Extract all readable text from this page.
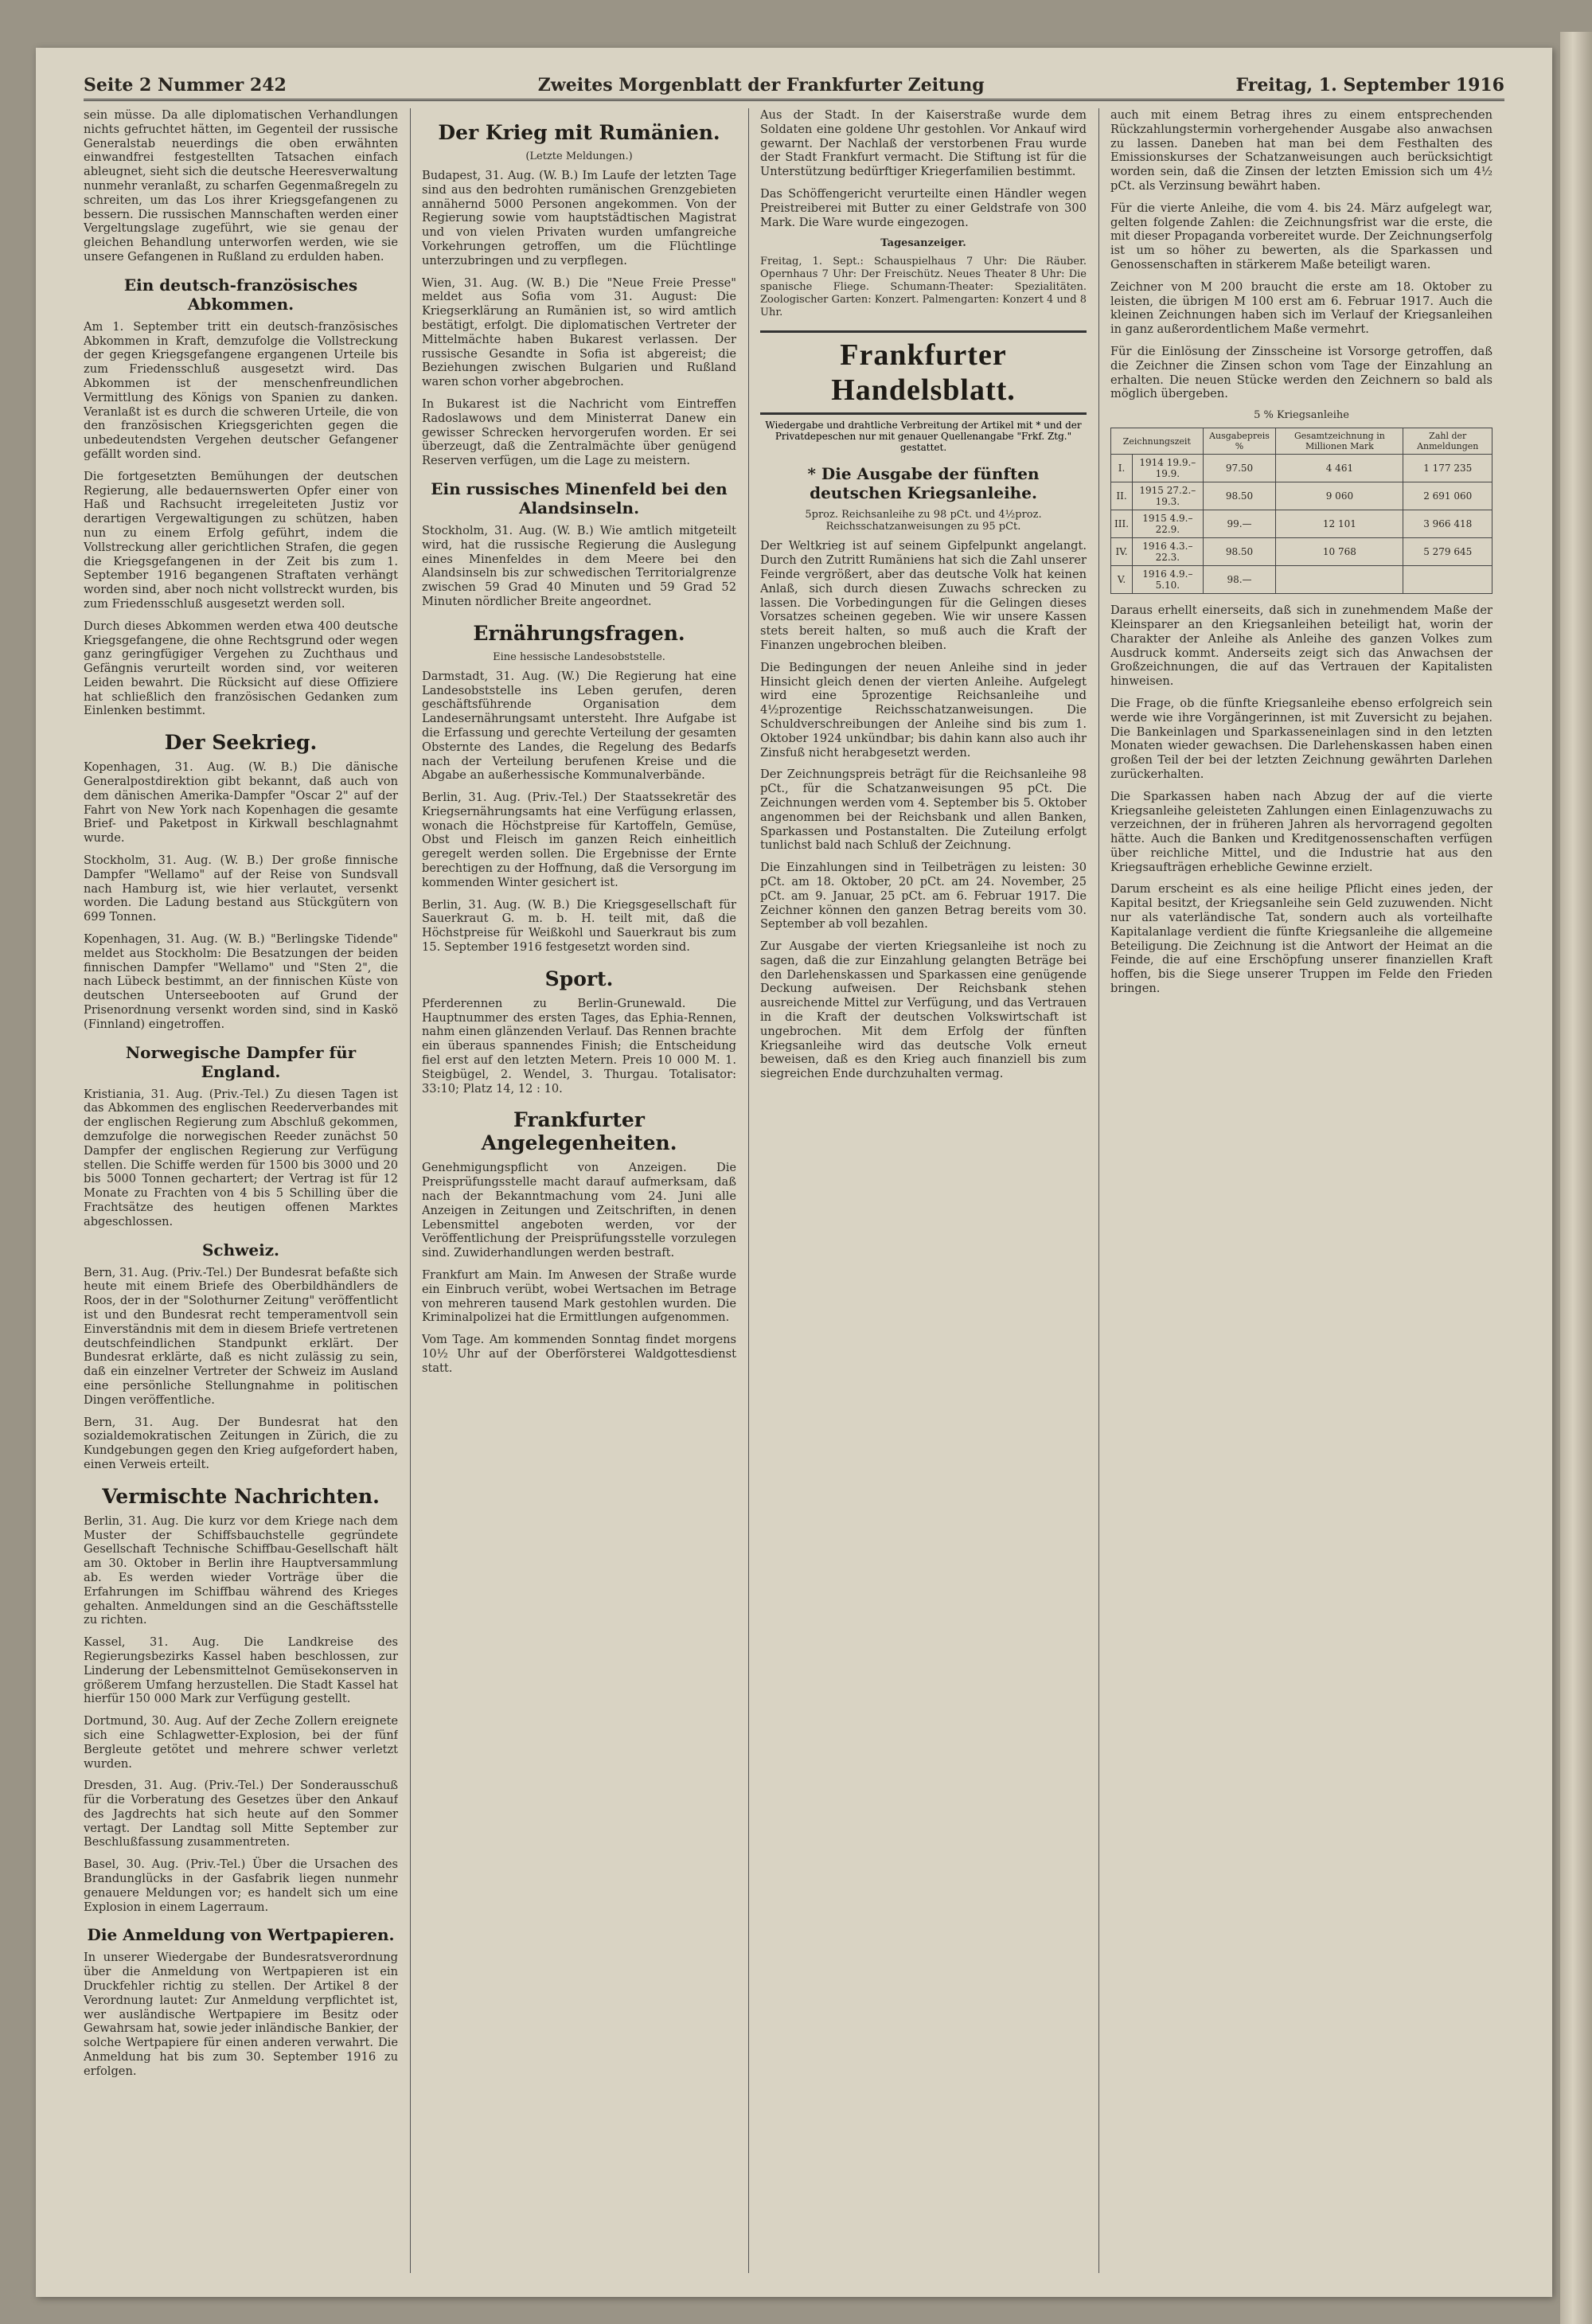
Seite 2 Nummer 242	Zweites Morgenblatt der Frankfurter Zeitung	Freitag, 1. September 1916

sein müsse. Da alle diplomatischen Verhandlungen nichts gefruchtet hätten, im Gegenteil der russische Generalstab neuerdings die oben erwähnten einwandfrei festgestellten Tatsachen einfach ableugnet, sieht sich die deutsche Heeresverwaltung nunmehr veranlaßt, zu scharfen Gegenmaßregeln zu schreiten, um das Los ihrer Kriegsgefangenen zu bessern. Die russischen Mannschaften werden einer Vergeltungslage zugeführt, wie sie genau der gleichen Behandlung unterworfen werden, wie sie unsere Gefangenen in Rußland zu erdulden haben.

Ein deutsch-französisches Abkommen.

Am 1. September tritt ein deutsch-französisches Abkommen in Kraft, demzufolge die Vollstreckung der gegen Kriegsgefangene ergangenen Urteile bis zum Friedensschluß ausgesetzt wird. Das Abkommen ist der menschenfreundlichen Vermittlung des Königs von Spanien zu danken. Veranlaßt ist es durch die schweren Urteile, die von den französischen Kriegsgerichten gegen die unbedeutendsten Vergehen deutscher Gefangener gefällt worden sind.

Die fortgesetzten Bemühungen der deutschen Regierung, alle bedauernswerten Opfer einer von Haß und Rachsucht irregeleiteten Justiz vor derartigen Vergewaltigungen zu schützen, haben nun zu einem Erfolg geführt, indem die Vollstreckung aller gerichtlichen Strafen, die gegen die Kriegsgefangenen in der Zeit bis zum 1. September 1916 begangenen Straftaten verhängt worden sind, aber noch nicht vollstreckt wurden, bis zum Friedensschluß ausgesetzt werden soll.

Durch dieses Abkommen werden etwa 400 deutsche Kriegsgefangene, die ohne Rechtsgrund oder wegen ganz geringfügiger Vergehen zu Zuchthaus und Gefängnis verurteilt worden sind, vor weiteren Leiden bewahrt. Die Rücksicht auf diese Offiziere hat schließlich den französischen Gedanken zum Einlenken bestimmt.

Der Seekrieg.

Kopenhagen, 31. Aug. (W. B.) Die dänische Generalpostdirektion gibt bekannt, daß auch von dem dänischen Amerika-Dampfer "Oscar 2" auf der Fahrt von New York nach Kopenhagen die gesamte Brief- und Paketpost in Kirkwall beschlagnahmt wurde.

Stockholm, 31. Aug. (W. B.) Der große finnische Dampfer "Wellamo" auf der Reise von Sundsvall nach Hamburg ist, wie hier verlautet, versenkt worden. Die Ladung bestand aus Stückgütern von 699 Tonnen.

Kopenhagen, 31. Aug. (W. B.) "Berlingske Tidende" meldet aus Stockholm: Die Besatzungen der beiden finnischen Dampfer "Wellamo" und "Sten 2", die nach Lübeck bestimmt, an der finnischen Küste von deutschen Unterseebooten auf Grund der Prisenordnung versenkt worden sind, sind in Kaskö (Finnland) eingetroffen.

Norwegische Dampfer für England.

Kristiania, 31. Aug. (Priv.-Tel.) Zu diesen Tagen ist das Abkommen des englischen Reederverbandes mit der englischen Regierung zum Abschluß gekommen, demzufolge die norwegischen Reeder zunächst 50 Dampfer der englischen Regierung zur Verfügung stellen. Die Schiffe werden für 1500 bis 3000 und 20 bis 5000 Tonnen gechartert; der Vertrag ist für 12 Monate zu Frachten von 4 bis 5 Schilling über die Frachtsätze des heutigen offenen Marktes abgeschlossen.

Schweiz.

Bern, 31. Aug. (Priv.-Tel.) Der Bundesrat befaßte sich heute mit einem Briefe des Oberbildhändlers de Roos, der in der "Solothurner Zeitung" veröffentlicht ist und den Bundesrat recht temperamentvoll sein Einverständnis mit dem in diesem Briefe vertretenen deutschfeindlichen Standpunkt erklärt. Der Bundesrat erklärte, daß es nicht zulässig zu sein, daß ein einzelner Vertreter der Schweiz im Ausland eine persönliche Stellungnahme in politischen Dingen veröffentliche.

Bern, 31. Aug. Der Bundesrat hat den sozialdemokratischen Zeitungen in Zürich, die zu Kundgebungen gegen den Krieg aufgefordert haben, einen Verweis erteilt.

Vermischte Nachrichten.

Berlin, 31. Aug. Die kurz vor dem Kriege nach dem Muster der Schiffsbauchstelle gegründete Gesellschaft Technische Schiffbau-Gesellschaft hält am 30. Oktober in Berlin ihre Hauptversammlung ab. Es werden wieder Vorträge über die Erfahrungen im Schiffbau während des Krieges gehalten. Anmeldungen sind an die Geschäftsstelle zu richten.

Kassel, 31. Aug. Die Landkreise des Regierungsbezirks Kassel haben beschlossen, zur Linderung der Lebensmittelnot Gemüsekonserven in größerem Umfang herzustellen. Die Stadt Kassel hat hierfür 150 000 Mark zur Verfügung gestellt.

Dortmund, 30. Aug. Auf der Zeche Zollern ereignete sich eine Schlagwetter-Explosion, bei der fünf Bergleute getötet und mehrere schwer verletzt wurden.

Dresden, 31. Aug. (Priv.-Tel.) Der Sonderausschuß für die Vorberatung des Gesetzes über den Ankauf des Jagdrechts hat sich heute auf den Sommer vertagt. Der Landtag soll Mitte September zur Beschlußfassung zusammentreten.

Basel, 30. Aug. (Priv.-Tel.) Über die Ursachen des Brandunglücks in der Gasfabrik liegen nunmehr genauere Meldungen vor; es handelt sich um eine Explosion in einem Lagerraum.

Die Anmeldung von Wertpapieren.

In unserer Wiedergabe der Bundesratsverordnung über die Anmeldung von Wertpapieren ist ein Druckfehler richtig zu stellen. Der Artikel 8 der Verordnung lautet: Zur Anmeldung verpflichtet ist, wer ausländische Wertpapiere im Besitz oder Gewahrsam hat, sowie jeder inländische Bankier, der solche Wertpapiere für einen anderen verwahrt. Die Anmeldung hat bis zum 30. September 1916 zu erfolgen.

Der Krieg mit Rumänien.
(Letzte Meldungen.)

Budapest, 31. Aug. (W. B.) Im Laufe der letzten Tage sind aus den bedrohten rumänischen Grenzgebieten annähernd 5000 Personen angekommen. Von der Regierung sowie vom hauptstädtischen Magistrat und von vielen Privaten wurden umfangreiche Vorkehrungen getroffen, um die Flüchtlinge unterzubringen und zu verpflegen.

Wien, 31. Aug. (W. B.) Die "Neue Freie Presse" meldet aus Sofia vom 31. August: Die Kriegserklärung an Rumänien ist, so wird amtlich bestätigt, erfolgt. Die diplomatischen Vertreter der Mittelmächte haben Bukarest verlassen. Der russische Gesandte in Sofia ist abgereist; die Beziehungen zwischen Bulgarien und Rußland waren schon vorher abgebrochen.

In Bukarest ist die Nachricht vom Eintreffen Radoslawows und dem Ministerrat Danew ein gewisser Schrecken hervorgerufen worden. Er sei überzeugt, daß die Zentralmächte über genügend Reserven verfügen, um die Lage zu meistern.

Ein russisches Minenfeld bei den Alandsinseln.

Stockholm, 31. Aug. (W. B.) Wie amtlich mitgeteilt wird, hat die russische Regierung die Auslegung eines Minenfeldes in dem Meere bei den Alandsinseln bis zur schwedischen Territorialgrenze zwischen 59 Grad 40 Minuten und 59 Grad 52 Minuten nördlicher Breite angeordnet.

Ernährungsfragen.
Eine hessische Landesobststelle.

Darmstadt, 31. Aug. (W.) Die Regierung hat eine Landesobststelle ins Leben gerufen, deren geschäftsführende Organisation dem Landesernährungsamt untersteht. Ihre Aufgabe ist die Erfassung und gerechte Verteilung der gesamten Obsternte des Landes, die Regelung des Bedarfs nach der Verteilung berufenen Kreise und die Abgabe an außerhessische Kommunalverbände.

Berlin, 31. Aug. (Priv.-Tel.) Der Staatssekretär des Kriegsernährungsamts hat eine Verfügung erlassen, wonach die Höchstpreise für Kartoffeln, Gemüse, Obst und Fleisch im ganzen Reich einheitlich geregelt werden sollen. Die Ergebnisse der Ernte berechtigen zu der Hoffnung, daß die Versorgung im kommenden Winter gesichert ist.

Berlin, 31. Aug. (W. B.) Die Kriegsgesellschaft für Sauerkraut G. m. b. H. teilt mit, daß die Höchstpreise für Weißkohl und Sauerkraut bis zum 15. September 1916 festgesetzt worden sind.

Sport.

Pferderennen zu Berlin-Grunewald. Die Hauptnummer des ersten Tages, das Ephia-Rennen, nahm einen glänzenden Verlauf. Das Rennen brachte ein überaus spannendes Finish; die Entscheidung fiel erst auf den letzten Metern. Preis 10 000 M. 1. Steigbügel, 2. Wendel, 3. Thurgau. Totalisator: 33:10; Platz 14, 12 : 10.

Frankfurter Angelegenheiten.

Genehmigungspflicht von Anzeigen. Die Preisprüfungsstelle macht darauf aufmerksam, daß nach der Bekanntmachung vom 24. Juni alle Anzeigen in Zeitungen und Zeitschriften, in denen Lebensmittel angeboten werden, vor der Veröffentlichung der Preisprüfungsstelle vorzulegen sind. Zuwiderhandlungen werden bestraft.

Frankfurt am Main. Im Anwesen der Straße wurde ein Einbruch verübt, wobei Wertsachen im Betrage von mehreren tausend Mark gestohlen wurden. Die Kriminalpolizei hat die Ermittlungen aufgenommen.

Vom Tage. Am kommenden Sonntag findet morgens 10½ Uhr auf der Oberförsterei Waldgottesdienst statt.

Aus der Stadt. In der Kaiserstraße wurde dem Soldaten eine goldene Uhr gestohlen. Vor Ankauf wird gewarnt. Der Nachlaß der verstorbenen Frau wurde der Stadt Frankfurt vermacht. Die Stiftung ist für die Unterstützung bedürftiger Kriegerfamilien bestimmt.

Das Schöffengericht verurteilte einen Händler wegen Preistreiberei mit Butter zu einer Geldstrafe von 300 Mark. Die Ware wurde eingezogen.

Tagesanzeiger.

Freitag, 1. Sept.: Schauspielhaus 7 Uhr: Die Räuber. Opernhaus 7 Uhr: Der Freischütz. Neues Theater 8 Uhr: Die spanische Fliege. Schumann-Theater: Spezialitäten. Zoologischer Garten: Konzert. Palmengarten: Konzert 4 und 8 Uhr.

Frankfurter Handelsblatt.
Wiedergabe und drahtliche Verbreitung der Artikel mit * und der Privatdepeschen nur mit genauer Quellenangabe "Frkf. Ztg." gestattet.
* Die Ausgabe der fünften deutschen Kriegsanleihe.
5proz. Reichsanleihe zu 98 pCt. und 4½proz. Reichsschatzanweisungen zu 95 pCt.

Der Weltkrieg ist auf seinem Gipfelpunkt angelangt. Durch den Zutritt Rumäniens hat sich die Zahl unserer Feinde vergrößert, aber das deutsche Volk hat keinen Anlaß, sich durch diesen Zuwachs schrecken zu lassen. Die Vorbedingungen für die Gelingen dieses Vorsatzes scheinen gegeben. Wie wir unsere Kassen stets bereit halten, so muß auch die Kraft der Finanzen ungebrochen bleiben.

Die Bedingungen der neuen Anleihe sind in jeder Hinsicht gleich denen der vierten Anleihe. Aufgelegt wird eine 5prozentige Reichsanleihe und 4½prozentige Reichsschatzanweisungen. Die Schuldverschreibungen der Anleihe sind bis zum 1. Oktober 1924 unkündbar; bis dahin kann also auch ihr Zinsfuß nicht herabgesetzt werden.

Der Zeichnungspreis beträgt für die Reichsanleihe 98 pCt., für die Schatzanweisungen 95 pCt. Die Zeichnungen werden vom 4. September bis 5. Oktober angenommen bei der Reichsbank und allen Banken, Sparkassen und Postanstalten. Die Zuteilung erfolgt tunlichst bald nach Schluß der Zeichnung.

Die Einzahlungen sind in Teilbeträgen zu leisten: 30 pCt. am 18. Oktober, 20 pCt. am 24. November, 25 pCt. am 9. Januar, 25 pCt. am 6. Februar 1917. Die Zeichner können den ganzen Betrag bereits vom 30. September ab voll bezahlen.

Zur Ausgabe der vierten Kriegsanleihe ist noch zu sagen, daß die zur Einzahlung gelangten Beträge bei den Darlehenskassen und Sparkassen eine genügende Deckung aufweisen. Der Reichsbank stehen ausreichende Mittel zur Verfügung, und das Vertrauen in die Kraft der deutschen Volkswirtschaft ist ungebrochen. Mit dem Erfolg der fünften Kriegsanleihe wird das deutsche Volk erneut beweisen, daß es den Krieg auch finanziell bis zum siegreichen Ende durchzuhalten vermag.

auch mit einem Betrag ihres zu einem entsprechenden Rückzahlungstermin vorhergehender Ausgabe also anwachsen zu lassen. Daneben hat man bei dem Festhalten des Emissionskurses der Schatzanweisungen auch berücksichtigt worden sein, daß die Zinsen der letzten Emission sich um 4½ pCt. als Verzinsung bewährt haben.

Für die vierte Anleihe, die vom 4. bis 24. März aufgelegt war, gelten folgende Zahlen: die Zeichnungsfrist war die erste, die mit dieser Propaganda vorbereitet wurde. Der Zeichnungserfolg ist um so höher zu bewerten, als die Sparkassen und Genossenschaften in stärkerem Maße beteiligt waren.

Zeichner von M 200 braucht die erste am 18. Oktober zu leisten, die übrigen M 100 erst am 6. Februar 1917. Auch die kleinen Zeichnungen haben sich im Verlauf der Kriegsanleihen in ganz außerordentlichem Maße vermehrt.

Für die Einlösung der Zinsscheine ist Vorsorge getroffen, daß die Zeichner die Zinsen schon vom Tage der Einzahlung an erhalten. Die neuen Stücke werden den Zeichnern so bald als möglich übergeben.

5 % Kriegsanleihe
Zeichnungszeit		Ausgabepreis %	Gesamtzeichnung in Millionen Mark	Zahl der Anmeldungen
I.	1914 19.9.–19.9.	97.50	4 461	1 177 235
II.	1915 27.2.–19.3.	98.50	9 060	2 691 060
III.	1915 4.9.–22.9.	99.—	12 101	3 966 418
IV.	1916 4.3.–22.3.	98.50	10 768	5 279 645
V.	1916 4.9.–5.10.	98.—		

Daraus erhellt einerseits, daß sich in zunehmendem Maße der Kleinsparer an den Kriegsanleihen beteiligt hat, worin der Charakter der Anleihe als Anleihe des ganzen Volkes zum Ausdruck kommt. Anderseits zeigt sich das Anwachsen der Großzeichnungen, die auf das Vertrauen der Kapitalisten hinweisen.

Die Frage, ob die fünfte Kriegsanleihe ebenso erfolgreich sein werde wie ihre Vorgängerinnen, ist mit Zuversicht zu bejahen. Die Bankeinlagen und Sparkasseneinlagen sind in den letzten Monaten wieder gewachsen. Die Darlehenskassen haben einen großen Teil der bei der letzten Zeichnung gewährten Darlehen zurückerhalten.

Die Sparkassen haben nach Abzug der auf die vierte Kriegsanleihe geleisteten Zahlungen einen Einlagenzuwachs zu verzeichnen, der in früheren Jahren als hervorragend gegolten hätte. Auch die Banken und Kreditgenossenschaften verfügen über reichliche Mittel, und die Industrie hat aus den Kriegsaufträgen erhebliche Gewinne erzielt.

Darum erscheint es als eine heilige Pflicht eines jeden, der Kapital besitzt, der Kriegsanleihe sein Geld zuzuwenden. Nicht nur als vaterländische Tat, sondern auch als vorteilhafte Kapitalanlage verdient die fünfte Kriegsanleihe die allgemeine Beteiligung. Die Zeichnung ist die Antwort der Heimat an die Feinde, die auf eine Erschöpfung unserer finanziellen Kraft hoffen, bis die Siege unserer Truppen im Felde den Frieden bringen.
